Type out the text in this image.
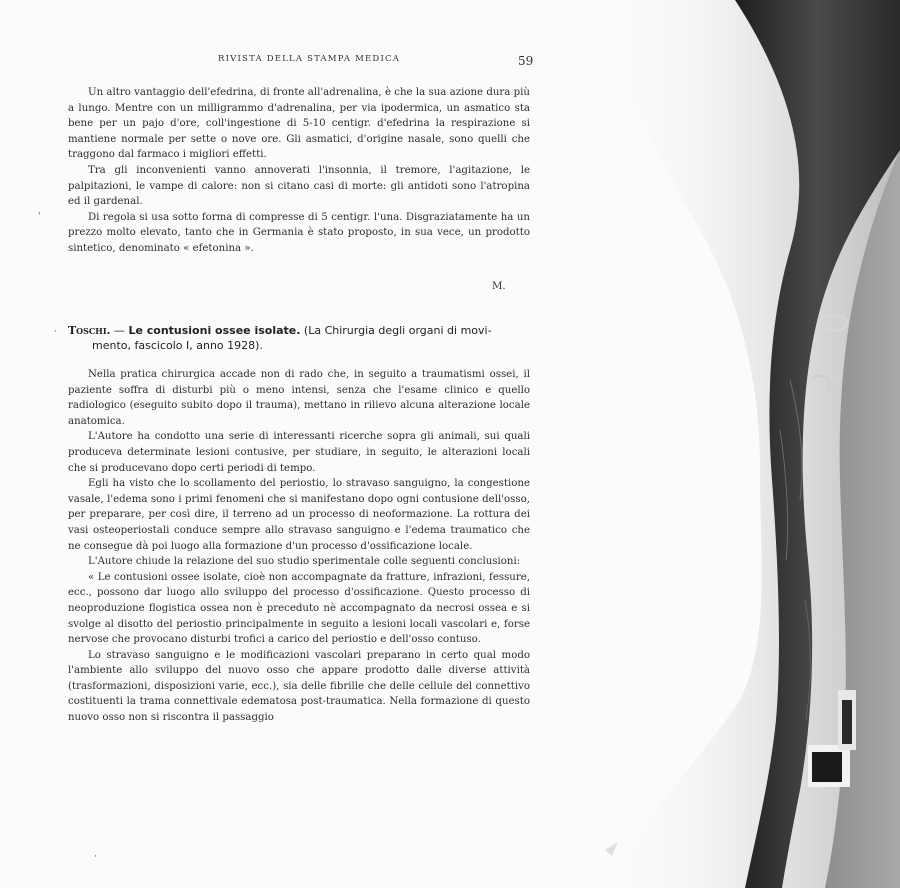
RIVISTA DELLA STAMPA MEDICA	59

Un altro vantaggio dell'efedrina, di fronte all'adrenalina, è che la sua azione dura più a lungo. Mentre con un milligrammo d'adrenalina, per via ipodermica, un asmatico sta bene per un pajo d'ore, coll'ingestione di 5-10 centigr. d'efedrina la respirazione si mantiene normale per sette o nove ore. Gli asmatici, d'origine nasale, sono quelli che traggono dal farmaco i migliori effetti.

Tra gli inconvenienti vanno annoverati l'insonnia, il tremore, l'agitazione, le palpitazioni, le vampe di calore: non si citano casi di morte: gli antidoti sono l'atropina ed il gardenal.

Di regola si usa sotto forma di compresse di 5 centigr. l'una. Disgraziatamente ha un prezzo molto elevato, tanto che in Germania è stato proposto, in sua vece, un prodotto sintetico, denominato « efetonina ».

M.
Toschi. — Le contusioni ossee isolate. (La Chirurgia degli organi di movi-
mento, fascicolo I, anno 1928).

Nella pratica chirurgica accade non di rado che, in seguito a traumatismi ossei, il paziente soffra di disturbi più o meno intensi, senza che l'esame clinico e quello radiologico (eseguito subito dopo il trauma), mettano in rilievo alcuna alterazione locale anatomica.

L'Autore ha condotto una serie di interessanti ricerche sopra gli animali, sui quali produceva determinate lesioni contusive, per studiare, in seguito, le alterazioni locali che si producevano dopo certi periodi di tempo.

Egli ha visto che lo scollamento del periostio, lo stravaso sanguigno, la congestione vasale, l'edema sono i primi fenomeni che si manifestano dopo ogni contusione dell'osso, per preparare, per così dire, il terreno ad un processo di neoformazione. La rottura dei vasi osteoperiostali conduce sempre allo stravaso sanguigno e l'edema traumatico che ne consegue dà poi luogo alla formazione d'un processo d'ossificazione locale.

L'Autore chiude la relazione del suo studio sperimentale colle seguenti conclusioni:

« Le contusioni ossee isolate, cioè non accompagnate da fratture, infrazioni, fessure, ecc., possono dar luogo allo sviluppo del processo d'ossificazione. Questo processo di neoproduzione flogistica ossea non è preceduto nè accompagnato da necrosi ossea e si svolge al disotto del periostio principalmente in seguito a lesioni locali vascolari e, forse nervose che provocano disturbi trofici a carico del periostio e dell'osso contuso.

Lo stravaso sanguigno e le modificazioni vascolari preparano in certo qual modo l'ambiente allo sviluppo del nuovo osso che appare prodotto dalle diverse attività (trasformazioni, disposizioni varie, ecc.), sia delle fibrille che delle cellule del connettivo costituenti la trama connettivale edematosa post-traumatica. Nella formazione di questo nuovo osso non si riscontra il passaggio

'
·
·
